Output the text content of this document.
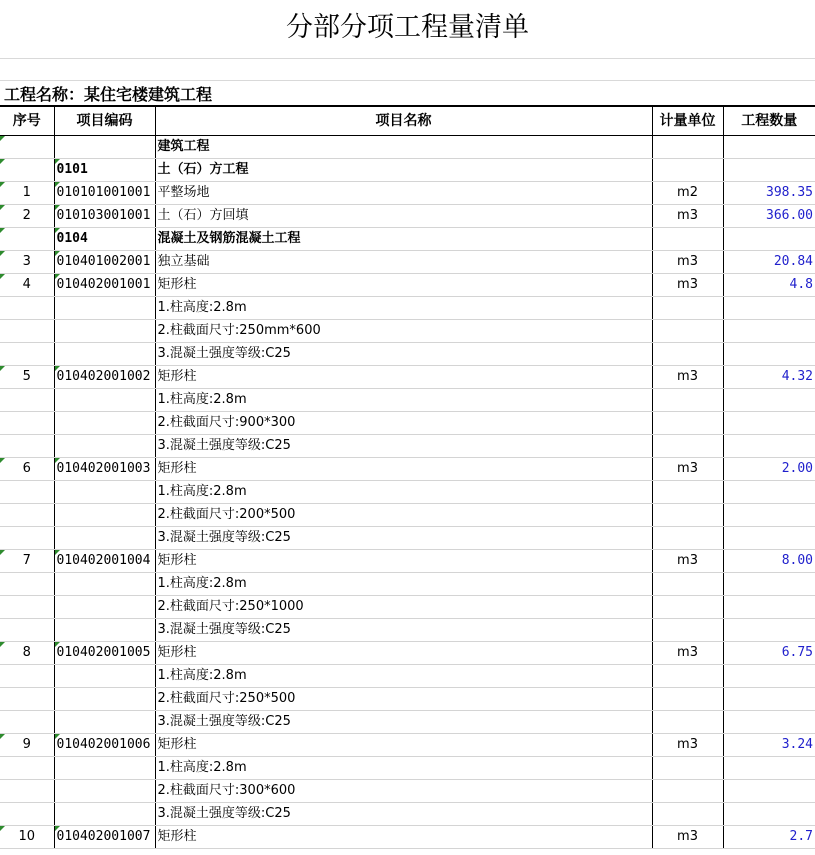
分部分项工程量清单
工程名称：某住宅楼建筑工程
序号	项目编码	项目名称	计量单位	工程数量
		建筑工程		
	0101	土（石）方工程		
1	010101001001	平整场地	m2	398.35
2	010103001001	土（石）方回填	m3	366.00
	0104	混凝土及钢筋混凝土工程		
3	010401002001	独立基础	m3	20.84
4	010402001001	矩形柱	m3	4.8
		1.柱高度:2.8m		
		2.柱截面尺寸:250mm*600		
		3.混凝土强度等级:C25		
5	010402001002	矩形柱	m3	4.32
		1.柱高度:2.8m		
		2.柱截面尺寸:900*300		
		3.混凝土强度等级:C25		
6	010402001003	矩形柱	m3	2.00
		1.柱高度:2.8m		
		2.柱截面尺寸:200*500		
		3.混凝土强度等级:C25		
7	010402001004	矩形柱	m3	8.00
		1.柱高度:2.8m		
		2.柱截面尺寸:250*1000		
		3.混凝土强度等级:C25		
8	010402001005	矩形柱	m3	6.75
		1.柱高度:2.8m		
		2.柱截面尺寸:250*500		
		3.混凝土强度等级:C25		
9	010402001006	矩形柱	m3	3.24
		1.柱高度:2.8m		
		2.柱截面尺寸:300*600		
		3.混凝土强度等级:C25		
10	010402001007	矩形柱	m3	2.7
